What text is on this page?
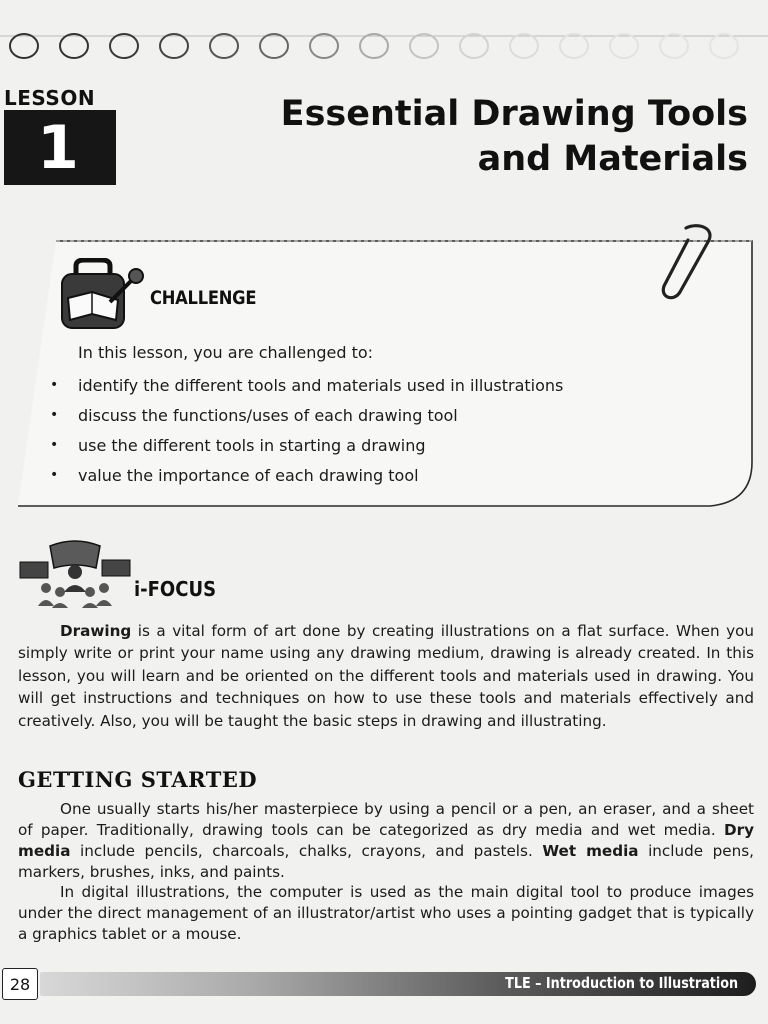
LESSON
1	Essential Drawing Tools
and Materials
CHALLENGE
In this lesson, you are challenged to:
•	identify the different tools and materials used in illustrations
•	discuss the functions/uses of each drawing tool
•	use the different tools in starting a drawing
•	value the importance of each drawing tool
i-FOCUS
Drawing is a vital form of art done by creating illustrations on a flat surface. When you simply write or print your name using any drawing medium, drawing is already created. In this lesson, you will learn and be oriented on the different tools and materials used in drawing. You will get instructions and techniques on how to use these tools and materials effectively and creatively. Also, you will be taught the basic steps in drawing and illustrating.
GETTING STARTED
One usually starts his/her masterpiece by using a pencil or a pen, an eraser, and a sheet of paper. Traditionally, drawing tools can be categorized as dry media and wet media. Dry media include pencils, charcoals, chalks, crayons, and pastels. Wet media include pens, markers, brushes, inks, and paints.
In digital illustrations, the computer is used as the main digital tool to produce images under the direct management of an illustrator/artist who uses a pointing gadget that is typically a graphics tablet or a mouse.
28	TLE – Introduction to Illustration
